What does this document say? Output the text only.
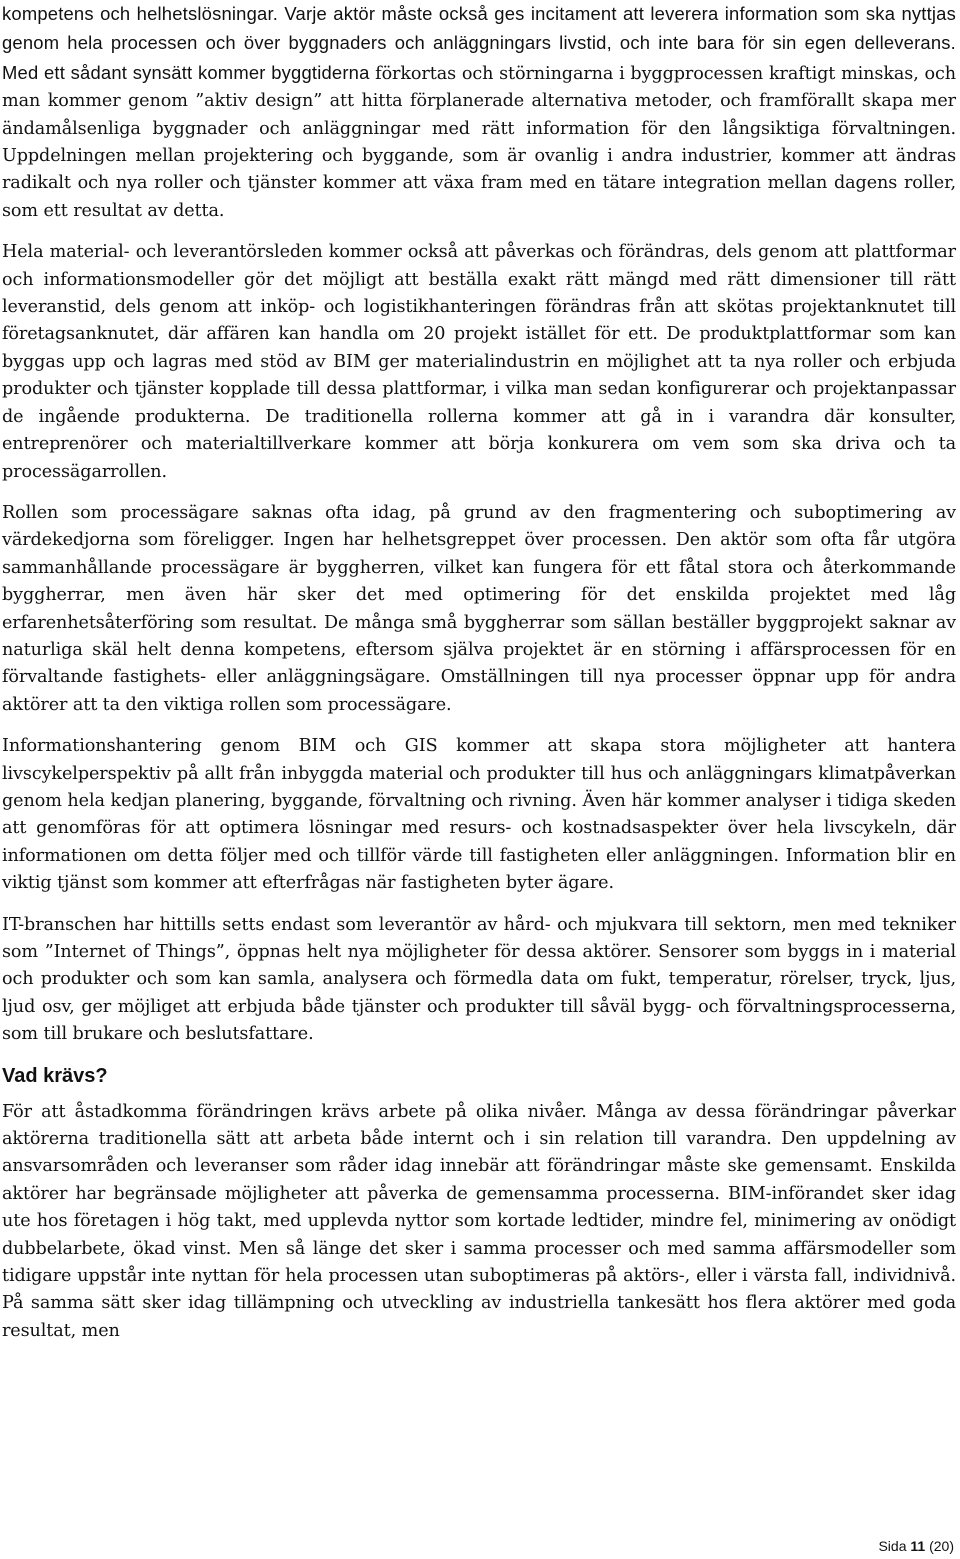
kompetens och helhetslösningar. Varje aktör måste också ges incitament att leverera information som ska nyttjas genom hela processen och över byggnaders och anläggningars livstid, och inte bara för sin egen delleverans. Med ett sådant synsätt kommer byggtiderna förkortas och störningarna i byggprocessen kraftigt minskas, och man kommer genom ”aktiv design” att hitta förplanerade alternativa metoder, och framförallt skapa mer ändamålsenliga byggnader och anläggningar med rätt information för den långsiktiga förvaltningen. Uppdelningen mellan projektering och byggande, som är ovanlig i andra industrier, kommer att ändras radikalt och nya roller och tjänster kommer att växa fram med en tätare integration mellan dagens roller, som ett resultat av detta.

Hela material- och leverantörsleden kommer också att påverkas och förändras, dels genom att plattformar och informationsmodeller gör det möjligt att beställa exakt rätt mängd med rätt dimensioner till rätt leveranstid, dels genom att inköp- och logistikhanteringen förändras från att skötas projektanknutet till företagsanknutet, där affären kan handla om 20 projekt istället för ett. De produktplattformar som kan byggas upp och lagras med stöd av BIM ger materialindustrin en möjlighet att ta nya roller och erbjuda produkter och tjänster kopplade till dessa plattformar, i vilka man sedan konfigurerar och projektanpassar de ingående produkterna. De traditionella rollerna kommer att gå in i varandra där konsulter, entreprenörer och materialtillverkare kommer att börja konkurera om vem som ska driva och ta processägarrollen.

Rollen som processägare saknas ofta idag, på grund av den fragmentering och suboptimering av värdekedjorna som föreligger. Ingen har helhetsgreppet över processen. Den aktör som ofta får utgöra sammanhållande processägare är byggherren, vilket kan fungera för ett fåtal stora och återkommande byggherrar, men även här sker det med optimering för det enskilda projektet med låg erfarenhetsåterföring som resultat. De många små byggherrar som sällan beställer byggprojekt saknar av naturliga skäl helt denna kompetens, eftersom själva projektet är en störning i affärsprocessen för en förvaltande fastighets- eller anläggningsägare. Omställningen till nya processer öppnar upp för andra aktörer att ta den viktiga rollen som processägare.

Informationshantering genom BIM och GIS kommer att skapa stora möjligheter att hantera livscykelperspektiv på allt från inbyggda material och produkter till hus och anläggningars klimatpåverkan genom hela kedjan planering, byggande, förvaltning och rivning. Även här kommer analyser i tidiga skeden att genomföras för att optimera lösningar med resurs- och kostnadsaspekter över hela livscykeln, där informationen om detta följer med och tillför värde till fastigheten eller anläggningen. Information blir en viktig tjänst som kommer att efterfrågas när fastigheten byter ägare.

IT-branschen har hittills setts endast som leverantör av hård- och mjukvara till sektorn, men med tekniker som ”Internet of Things”, öppnas helt nya möjligheter för dessa aktörer. Sensorer som byggs in i material och produkter och som kan samla, analysera och förmedla data om fukt, temperatur, rörelser, tryck, ljus, ljud osv, ger möjliget att erbjuda både tjänster och produkter till såväl bygg- och förvaltningsprocesserna, som till brukare och beslutsfattare.

Vad krävs?

För att åstadkomma förändringen krävs arbete på olika nivåer. Många av dessa förändringar påverkar aktörerna traditionella sätt att arbeta både internt och i sin relation till varandra. Den uppdelning av ansvarsområden och leveranser som råder idag innebär att förändringar måste ske gemensamt. Enskilda aktörer har begränsade möjligheter att påverka de gemensamma processerna. BIM-införandet sker idag ute hos företagen i hög takt, med upplevda nyttor som kortade ledtider, mindre fel, minimering av onödigt dubbelarbete, ökad vinst. Men så länge det sker i samma processer och med samma affärsmodeller som tidigare uppstår inte nyttan för hela processen utan suboptimeras på aktörs-, eller i värsta fall, individnivå. På samma sätt sker idag tillämpning och utveckling av industriella tankesätt hos flera aktörer med goda resultat, men

Sida 11 (20)
